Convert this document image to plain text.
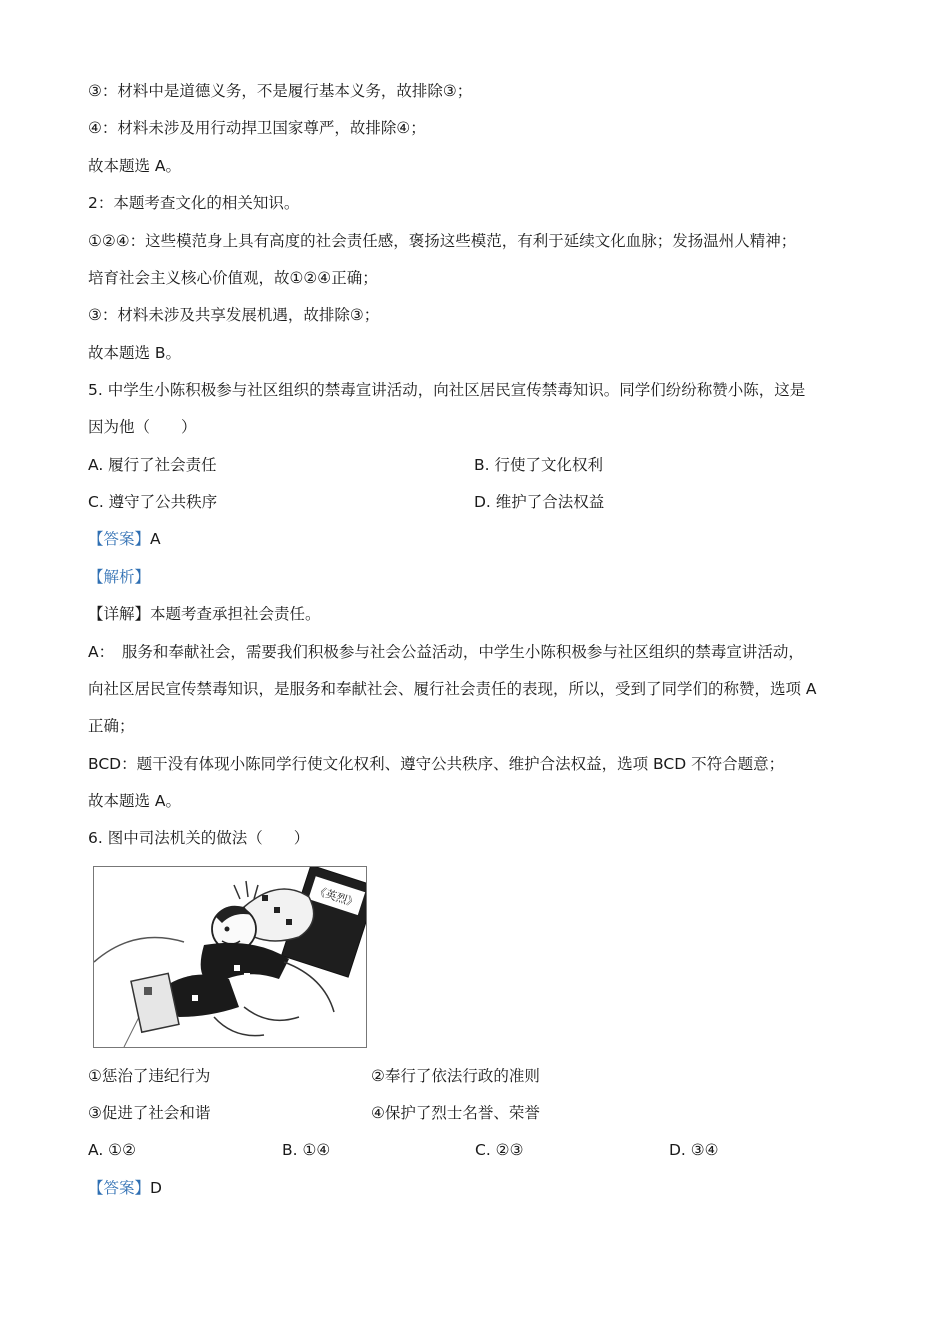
③：材料中是道德义务，不是履行基本义务，故排除③；
④：材料未涉及用行动捍卫国家尊严，故排除④；
故本题选 A。
2：本题考查文化的相关知识。
①②④：这些模范身上具有高度的社会责任感，褒扬这些模范，有利于延续文化血脉；发扬温州人精神；
培育社会主义核心价值观，故①②④正确；
③：材料未涉及共享发展机遇，故排除③；
故本题选 B。
5. 中学生小陈积极参与社区组织的禁毒宣讲活动，向社区居民宣传禁毒知识。同学们纷纷称赞小陈，这是
因为他（　　）
A. 履行了社会责任	B. 行使了文化权利
C. 遵守了公共秩序	D. 维护了合法权益
【答案】A
【解析】
【详解】本题考查承担社会责任。
A：　服务和奉献社会，需要我们积极参与社会公益活动，中学生小陈积极参与社区组织的禁毒宣讲活动，
向社区居民宣传禁毒知识，是服务和奉献社会、履行社会责任的表现，所以，受到了同学们的称赞，选项 A
正确；
BCD：题干没有体现小陈同学行使文化权利、遵守公共秩序、维护合法权益，选项 BCD 不符合题意；
故本题选 A。
6. 图中司法机关的做法（　　）
《英烈》
①惩治了违纪行为	②奉行了依法行政的准则
③促进了社会和谐	④保护了烈士名誉、荣誉
A. ①②	B. ①④	C. ②③	D. ③④
【答案】D
